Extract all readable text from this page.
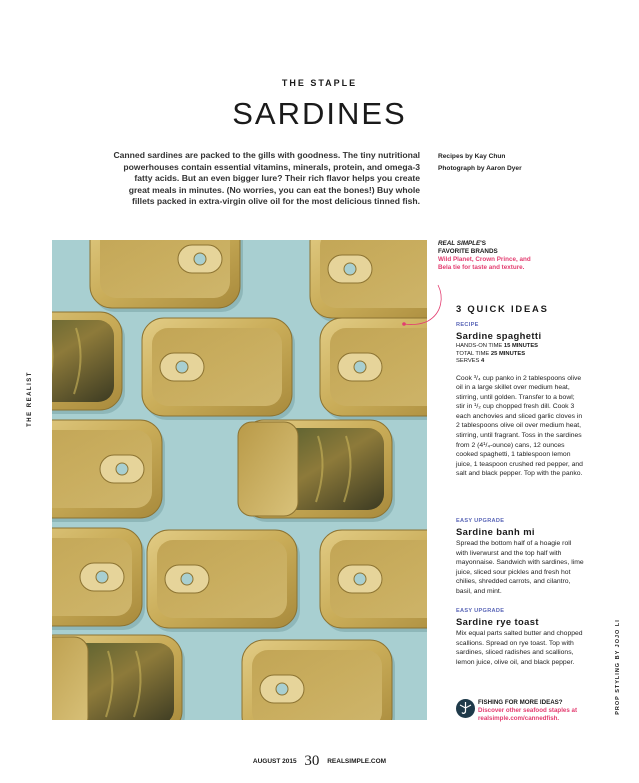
THE STAPLE
SARDINES
Canned sardines are packed to the gills with goodness. The tiny nutritional powerhouses contain essential vitamins, minerals, protein, and omega-3 fatty acids. But an even bigger lure? Their rich flavor helps you create great meals in minutes. (No worries, you can eat the bones!) Buy whole fillets packed in extra-virgin olive oil for the most delicious tinned fish.
Recipes by Kay Chun
Photograph by Aaron Dyer
THE REALIST
PROP STYLING BY JOJO LI
REAL SIMPLE'S
FAVORITE BRANDS
Wild Planet, Crown Prince, and Bela tie for taste and texture.
3 QUICK IDEAS
RECIPE
Sardine spaghetti
HANDS-ON TIME 15 MINUTES
TOTAL TIME 25 MINUTES
SERVES 4
Cook ³/₄ cup panko in 2 tablespoons olive oil in a large skillet over medium heat, stirring, until golden. Transfer to a bowl; stir in ¹/₂ cup chopped fresh dill. Cook 3 each anchovies and sliced garlic cloves in 2 tablespoons olive oil over medium heat, stirring, until fragrant. Toss in the sardines from 2 (4¹/₄-ounce) cans, 12 ounces cooked spaghetti, 1 tablespoon lemon juice, 1 teaspoon crushed red pepper, and salt and black pepper. Top with the panko.
EASY UPGRADE
Sardine banh mi
Spread the bottom half of a hoagie roll with liverwurst and the top half with mayonnaise. Sandwich with sardines, lime juice, sliced sour pickles and fresh hot chilies, shredded carrots, and cilantro, basil, and mint.
EASY UPGRADE
Sardine rye toast
Mix equal parts salted butter and chopped scallions. Spread on rye toast. Top with sardines, sliced radishes and scallions, lemon juice, olive oil, and black pepper.
FISHING FOR MORE IDEAS?
Discover other seafood staples at realsimple.com/cannedfish.
AUGUST 2015 30 REALSIMPLE.COM
